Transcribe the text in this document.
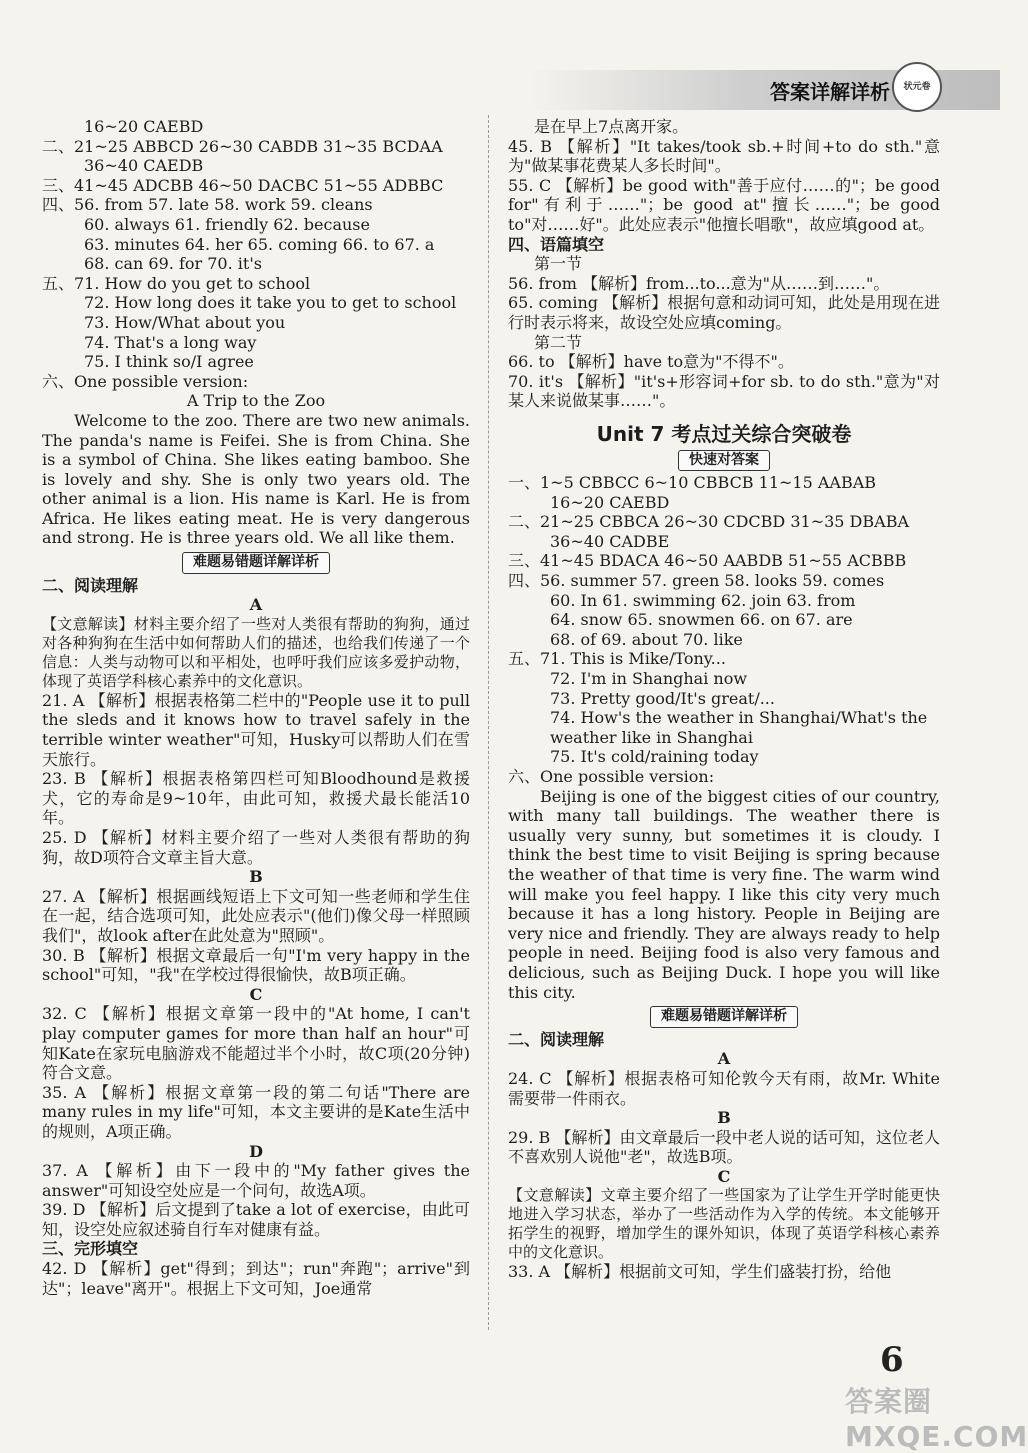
答案详解详析	状元卷
16~20 CAEBD
二、21~25 ABBCD 26~30 CABDB 31~35 BCDAA
36~40 CAEDB
三、41~45 ADCBB 46~50 DACBC 51~55 ADBBC
四、56. from 57. late 58. work 59. cleans
60. always 61. friendly 62. because
63. minutes 64. her 65. coming 66. to 67. a
68. can 69. for 70. it's
五、71. How do you get to school
72. How long does it take you to get to school
73. How/What about you
74. That's a long way
75. I think so/I agree
六、One possible version:
A Trip to the Zoo
Welcome to the zoo. There are two new animals. The panda's name is Feifei. She is from China. She is a symbol of China. She likes eating bamboo. She is lovely and shy. She is only two years old. The other animal is a lion. His name is Karl. He is from Africa. He likes eating meat. He is very dangerous and strong. He is three years old. We all like them.
难题易错题详解详析
二、阅读理解
A
【文意解读】材料主要介绍了一些对人类很有帮助的狗狗，通过对各种狗狗在生活中如何帮助人们的描述，也给我们传递了一个信息：人类与动物可以和平相处，也呼吁我们应该多爱护动物，体现了英语学科核心素养中的文化意识。
21. A 【解析】根据表格第二栏中的"People use it to pull the sleds and it knows how to travel safely in the terrible winter weather"可知，Husky可以帮助人们在雪天旅行。
23. B 【解析】根据表格第四栏可知Bloodhound是救援犬，它的寿命是9~10年，由此可知，救援犬最长能活10年。
25. D 【解析】材料主要介绍了一些对人类很有帮助的狗狗，故D项符合文章主旨大意。
B
27. A 【解析】根据画线短语上下文可知一些老师和学生住在一起，结合选项可知，此处应表示"(他们)像父母一样照顾我们"，故look after在此处意为"照顾"。
30. B 【解析】根据文章最后一句"I'm very happy in the school"可知，"我"在学校过得很愉快，故B项正确。
C
32. C 【解析】根据文章第一段中的"At home, I can't play computer games for more than half an hour"可知Kate在家玩电脑游戏不能超过半个小时，故C项(20分钟)符合文意。
35. A 【解析】根据文章第一段的第二句话"There are many rules in my life"可知，本文主要讲的是Kate生活中的规则，A项正确。
D
37. A 【解析】由下一段中的"My father gives the answer"可知设空处应是一个问句，故选A项。
39. D 【解析】后文提到了take a lot of exercise，由此可知，设空处应叙述骑自行车对健康有益。
三、完形填空
42. D 【解析】get"得到；到达"；run"奔跑"；arrive"到达"；leave"离开"。根据上下文可知，Joe通常
是在早上7点离开家。
45. B 【解析】"It takes/took sb.+时间+to do sth."意为"做某事花费某人多长时间"。
55. C 【解析】be good with"善于应付……的"；be good for"有利于……"；be good at"擅长……"；be good to"对……好"。此处应表示"他擅长唱歌"，故应填good at。
四、语篇填空
第一节
56. from 【解析】from...to...意为"从……到……"。
65. coming 【解析】根据句意和动词可知，此处是用现在进行时表示将来，故设空处应填coming。
第二节
66. to 【解析】have to意为"不得不"。
70. it's 【解析】"it's+形容词+for sb. to do sth."意为"对某人来说做某事……"。
Unit 7 考点过关综合突破卷
快速对答案
一、1~5 CBBCC 6~10 CBBCB 11~15 AABAB
16~20 CAEBD
二、21~25 CBBCA 26~30 CDCBD 31~35 DBABA
36~40 CADBE
三、41~45 BDACA 46~50 AABDB 51~55 ACBBB
四、56. summer 57. green 58. looks 59. comes
60. In 61. swimming 62. join 63. from
64. snow 65. snowmen 66. on 67. are
68. of 69. about 70. like
五、71. This is Mike/Tony...
72. I'm in Shanghai now
73. Pretty good/It's great/...
74. How's the weather in Shanghai/What's the
weather like in Shanghai
75. It's cold/raining today
六、One possible version:
Beijing is one of the biggest cities of our country, with many tall buildings. The weather there is usually very sunny, but sometimes it is cloudy. I think the best time to visit Beijing is spring because the weather of that time is very fine. The warm wind will make you feel happy. I like this city very much because it has a long history. People in Beijing are very nice and friendly. They are always ready to help people in need. Beijing food is also very famous and delicious, such as Beijing Duck. I hope you will like this city.
难题易错题详解详析
二、阅读理解
A
24. C 【解析】根据表格可知伦敦今天有雨，故Mr. White需要带一件雨衣。
B
29. B 【解析】由文章最后一段中老人说的话可知，这位老人不喜欢别人说他"老"，故选B项。
C
【文意解读】文章主要介绍了一些国家为了让学生开学时能更快地进入学习状态，举办了一些活动作为入学的传统。本文能够开拓学生的视野，增加学生的课外知识，体现了英语学科核心素养中的文化意识。
33. A 【解析】根据前文可知，学生们盛装打扮，给他
6
答案圈 MXQE.COM
